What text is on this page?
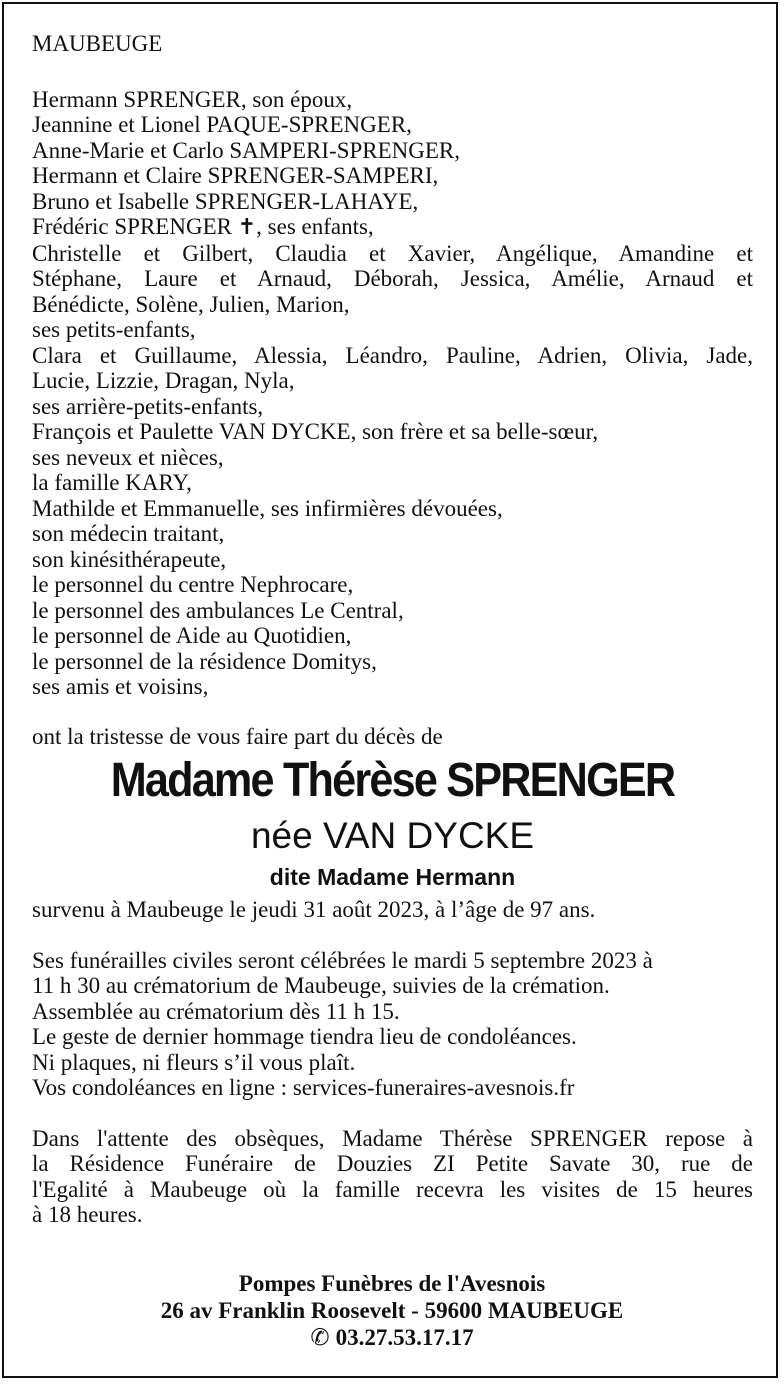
MAUBEUGE
Hermann SPRENGER, son époux,
Jeannine et Lionel PAQUE-SPRENGER,
Anne-Marie et Carlo SAMPERI-SPRENGER,
Hermann et Claire SPRENGER-SAMPERI,
Bruno et Isabelle SPRENGER-LAHAYE,
Frédéric SPRENGER ✝, ses enfants,
Christelle et Gilbert, Claudia et Xavier, Angélique, Amandine et
Stéphane, Laure et Arnaud, Déborah, Jessica, Amélie, Arnaud et
Bénédicte, Solène, Julien, Marion,
ses petits-enfants,
Clara et Guillaume, Alessia, Léandro, Pauline, Adrien, Olivia, Jade,
Lucie, Lizzie, Dragan, Nyla,
ses arrière-petits-enfants,
François et Paulette VAN DYCKE, son frère et sa belle-sœur,
ses neveux et nièces,
la famille KARY,
Mathilde et Emmanuelle, ses infirmières dévouées,
son médecin traitant,
son kinésithérapeute,
le personnel du centre Nephrocare,
le personnel des ambulances Le Central,
le personnel de Aide au Quotidien,
le personnel de la résidence Domitys,
ses amis et voisins,
ont la tristesse de vous faire part du décès de
Madame Thérèse SPRENGER
née VAN DYCKE
dite Madame Hermann
survenu à Maubeuge le jeudi 31 août 2023, à l’âge de 97 ans.
Ses funérailles civiles seront célébrées le mardi 5 septembre 2023 à
11 h 30 au crématorium de Maubeuge, suivies de la crémation.
Assemblée au crématorium dès 11 h 15.
Le geste de dernier hommage tiendra lieu de condoléances.
Ni plaques, ni fleurs s’il vous plaît.
Vos condoléances en ligne : services-funeraires-avesnois.fr
Dans l'attente des obsèques, Madame Thérèse SPRENGER repose à
la Résidence Funéraire de Douzies ZI Petite Savate 30, rue de
l'Egalité à Maubeuge où la famille recevra les visites de 15 heures
à 18 heures.
Pompes Funèbres de l'Avesnois
26 av Franklin Roosevelt - 59600 MAUBEUGE
✆ 03.27.53.17.17
